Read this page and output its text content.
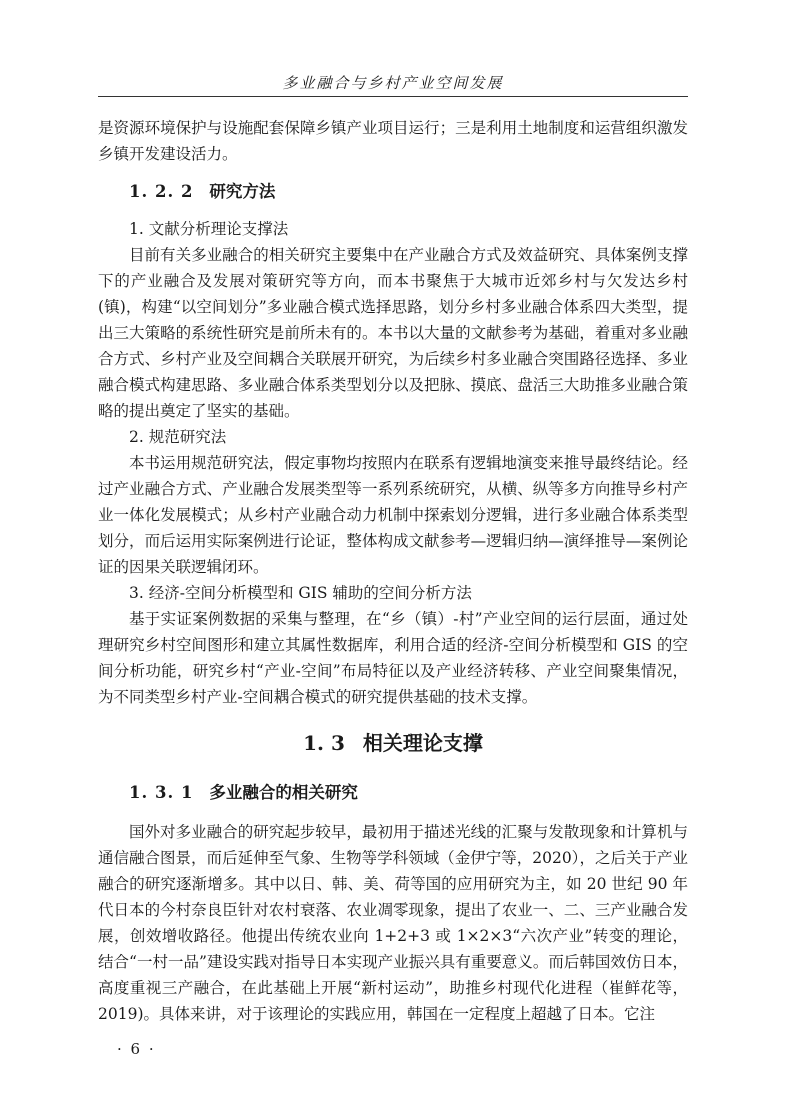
多业融合与乡村产业空间发展

是资源环境保护与设施配套保障乡镇产业项目运行；三是利用土地制度和运营组织激发乡镇开发建设活力。

1. 2. 2 研究方法

1. 文献分析理论支撑法

目前有关多业融合的相关研究主要集中在产业融合方式及效益研究、具体案例支撑下的产业融合及发展对策研究等方向，而本书聚焦于大城市近郊乡村与欠发达乡村(镇)，构建“以空间划分”多业融合模式选择思路，划分乡村多业融合体系四大类型，提出三大策略的系统性研究是前所未有的。本书以大量的文献参考为基础，着重对多业融合方式、乡村产业及空间耦合关联展开研究，为后续乡村多业融合突围路径选择、多业融合模式构建思路、多业融合体系类型划分以及把脉、摸底、盘活三大助推多业融合策略的提出奠定了坚实的基础。

2. 规范研究法

本书运用规范研究法，假定事物均按照内在联系有逻辑地演变来推导最终结论。经过产业融合方式、产业融合发展类型等一系列系统研究，从横、纵等多方向推导乡村产业一体化发展模式；从乡村产业融合动力机制中探索划分逻辑，进行多业融合体系类型划分，而后运用实际案例进行论证，整体构成文献参考—逻辑归纳—演绎推导—案例论证的因果关联逻辑闭环。

3. 经济-空间分析模型和 GIS 辅助的空间分析方法

基于实证案例数据的采集与整理，在“乡（镇）-村”产业空间的运行层面，通过处理研究乡村空间图形和建立其属性数据库，利用合适的经济-空间分析模型和 GIS 的空间分析功能，研究乡村“产业-空间”布局特征以及产业经济转移、产业空间聚集情况，为不同类型乡村产业-空间耦合模式的研究提供基础的技术支撑。

1. 3 相关理论支撑
1. 3. 1 多业融合的相关研究

国外对多业融合的研究起步较早，最初用于描述光线的汇聚与发散现象和计算机与通信融合图景，而后延伸至气象、生物等学科领域（金伊宁等，2020），之后关于产业融合的研究逐渐增多。其中以日、韩、美、荷等国的应用研究为主，如 20 世纪 90 年代日本的今村奈良臣针对农村衰落、农业凋零现象，提出了农业一、二、三产业融合发展，创效增收路径。他提出传统农业向 1+2+3 或 1×2×3“六次产业”转变的理论，结合“一村一品”建设实践对指导日本实现产业振兴具有重要意义。而后韩国效仿日本，高度重视三产融合，在此基础上开展“新村运动”，助推乡村现代化进程（崔鲜花等，2019)。具体来讲，对于该理论的实践应用，韩国在一定程度上超越了日本。它注

· 6 ·
